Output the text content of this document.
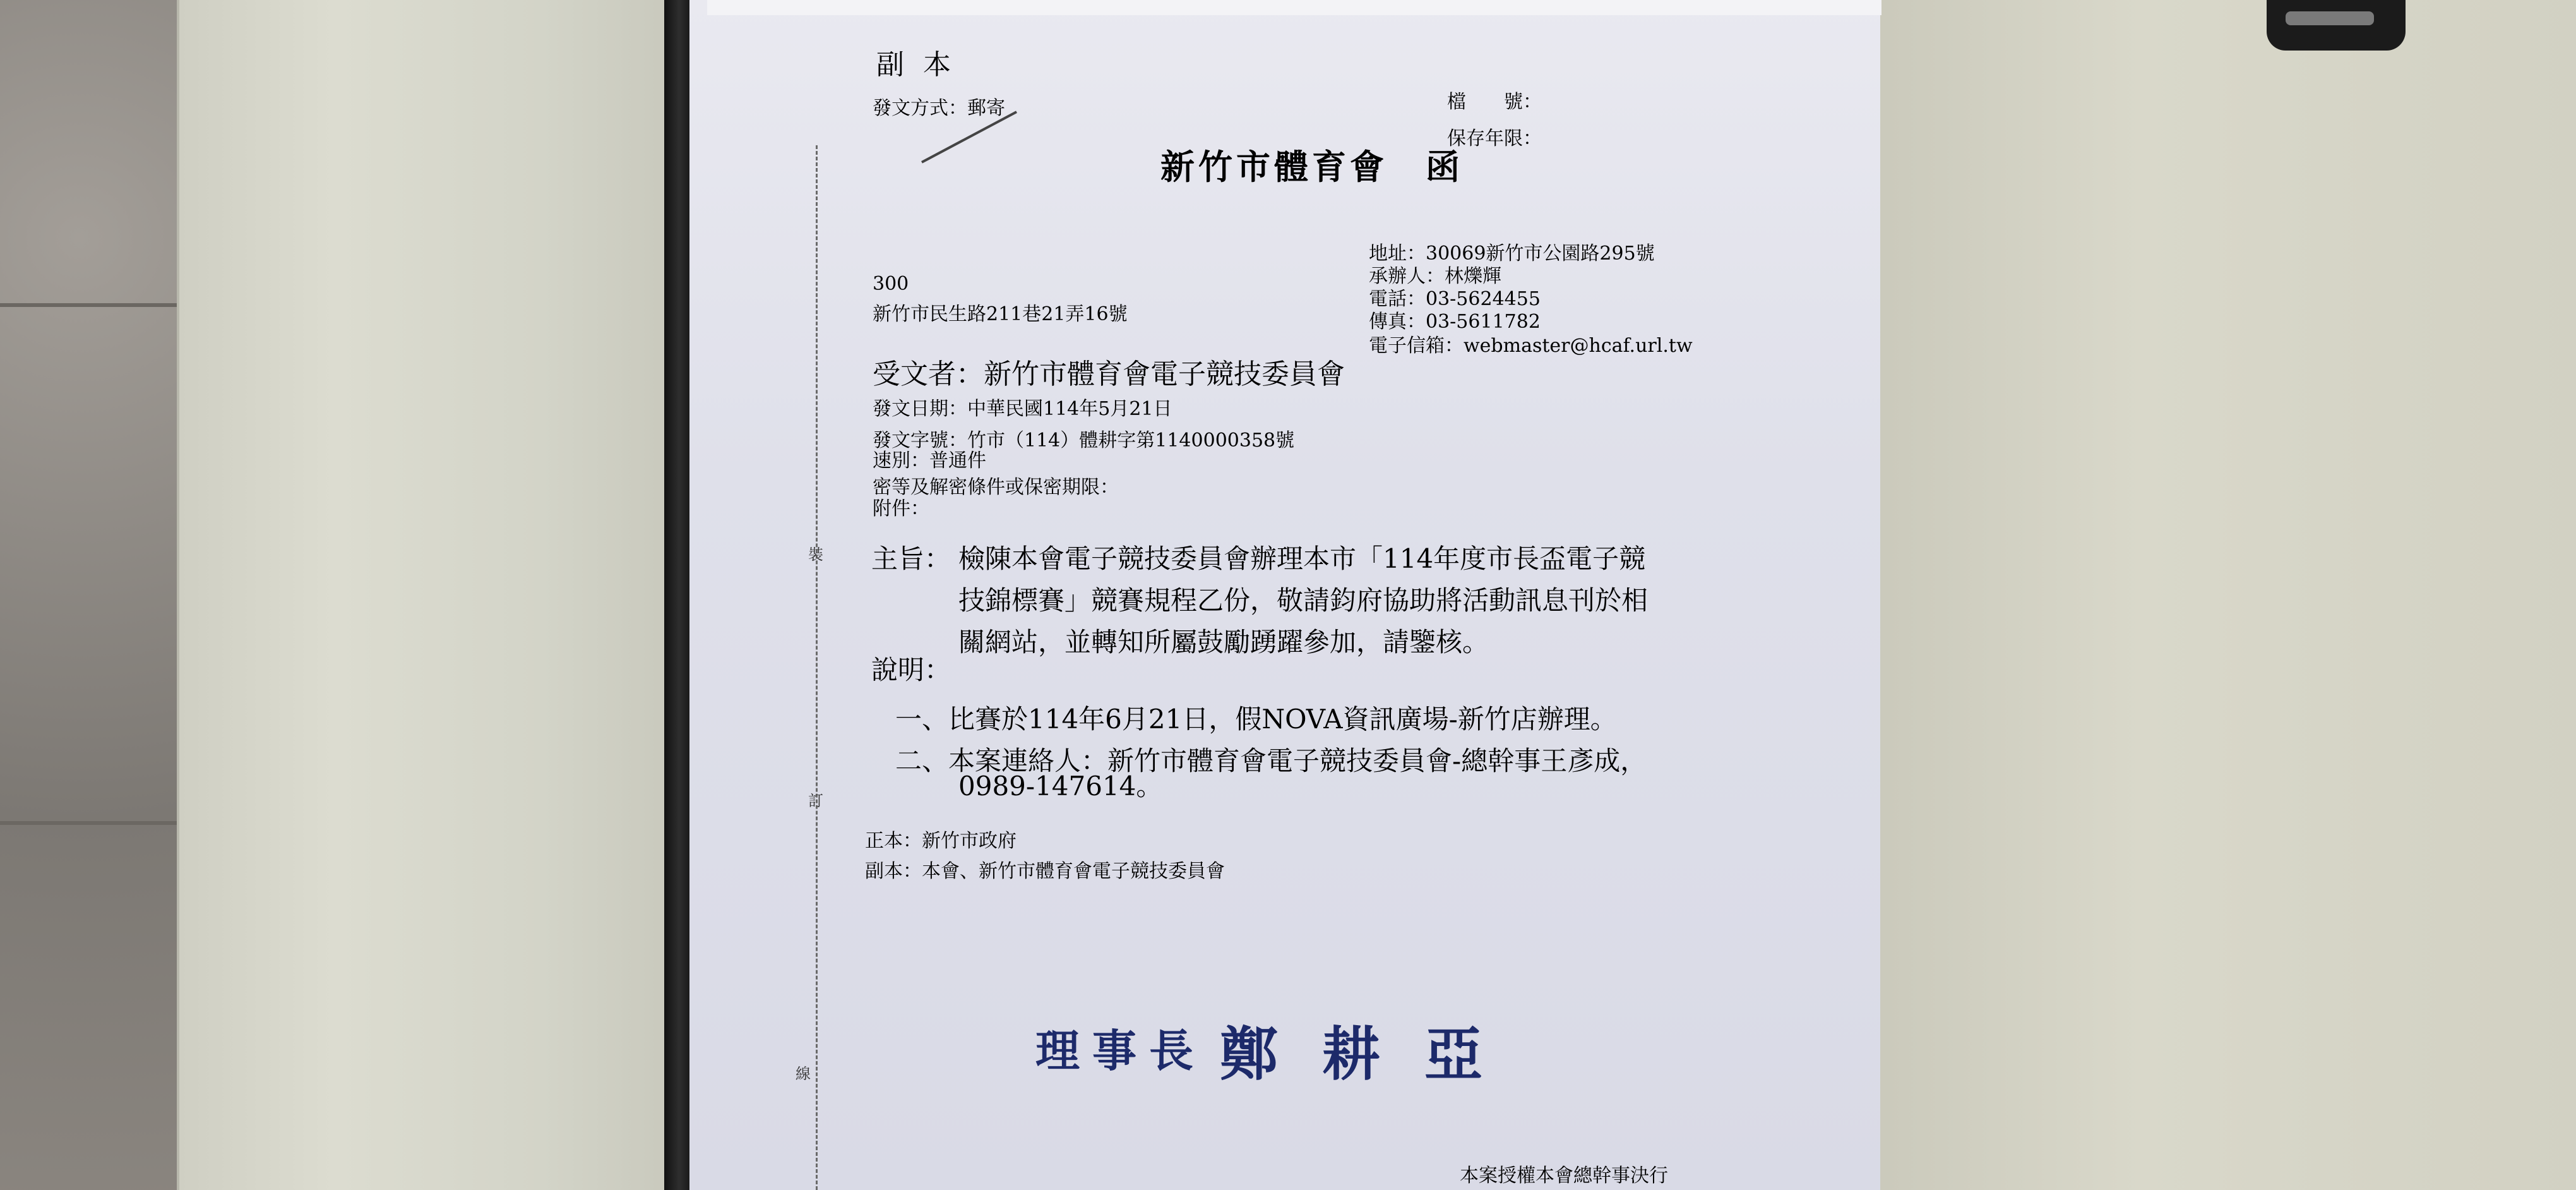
裝
訂
線
副 本
發文方式：郵寄	檔　　號：
保存年限：
新竹市體育會　函
地址：30069新竹市公園路295號
承辦人：林爍輝
電話：03-5624455
傳真：03-5611782
電子信箱：webmaster@hcaf.url.tw
300
新竹市民生路211巷21弄16號
受文者：新竹市體育會電子競技委員會
發文日期：中華民國114年5月21日
發文字號：竹市（114）體耕字第1140000358號
速別：普通件
密等及解密條件或保密期限：
附件：
主旨： 檢陳本會電子競技委員會辦理本市「114年度市長盃電子競
技錦標賽」競賽規程乙份，敬請鈞府協助將活動訊息刊於相
關網站，並轉知所屬鼓勵踴躍參加，請鑒核。
說明：
一、比賽於114年6月21日，假NOVA資訊廣場-新竹店辦理。
二、本案連絡人：新竹市體育會電子競技委員會-總幹事王彥成，
0989-147614。
正本：新竹市政府
副本：本會、新竹市體育會電子競技委員會
理事長 鄭耕亞
本案授權本會總幹事決行
